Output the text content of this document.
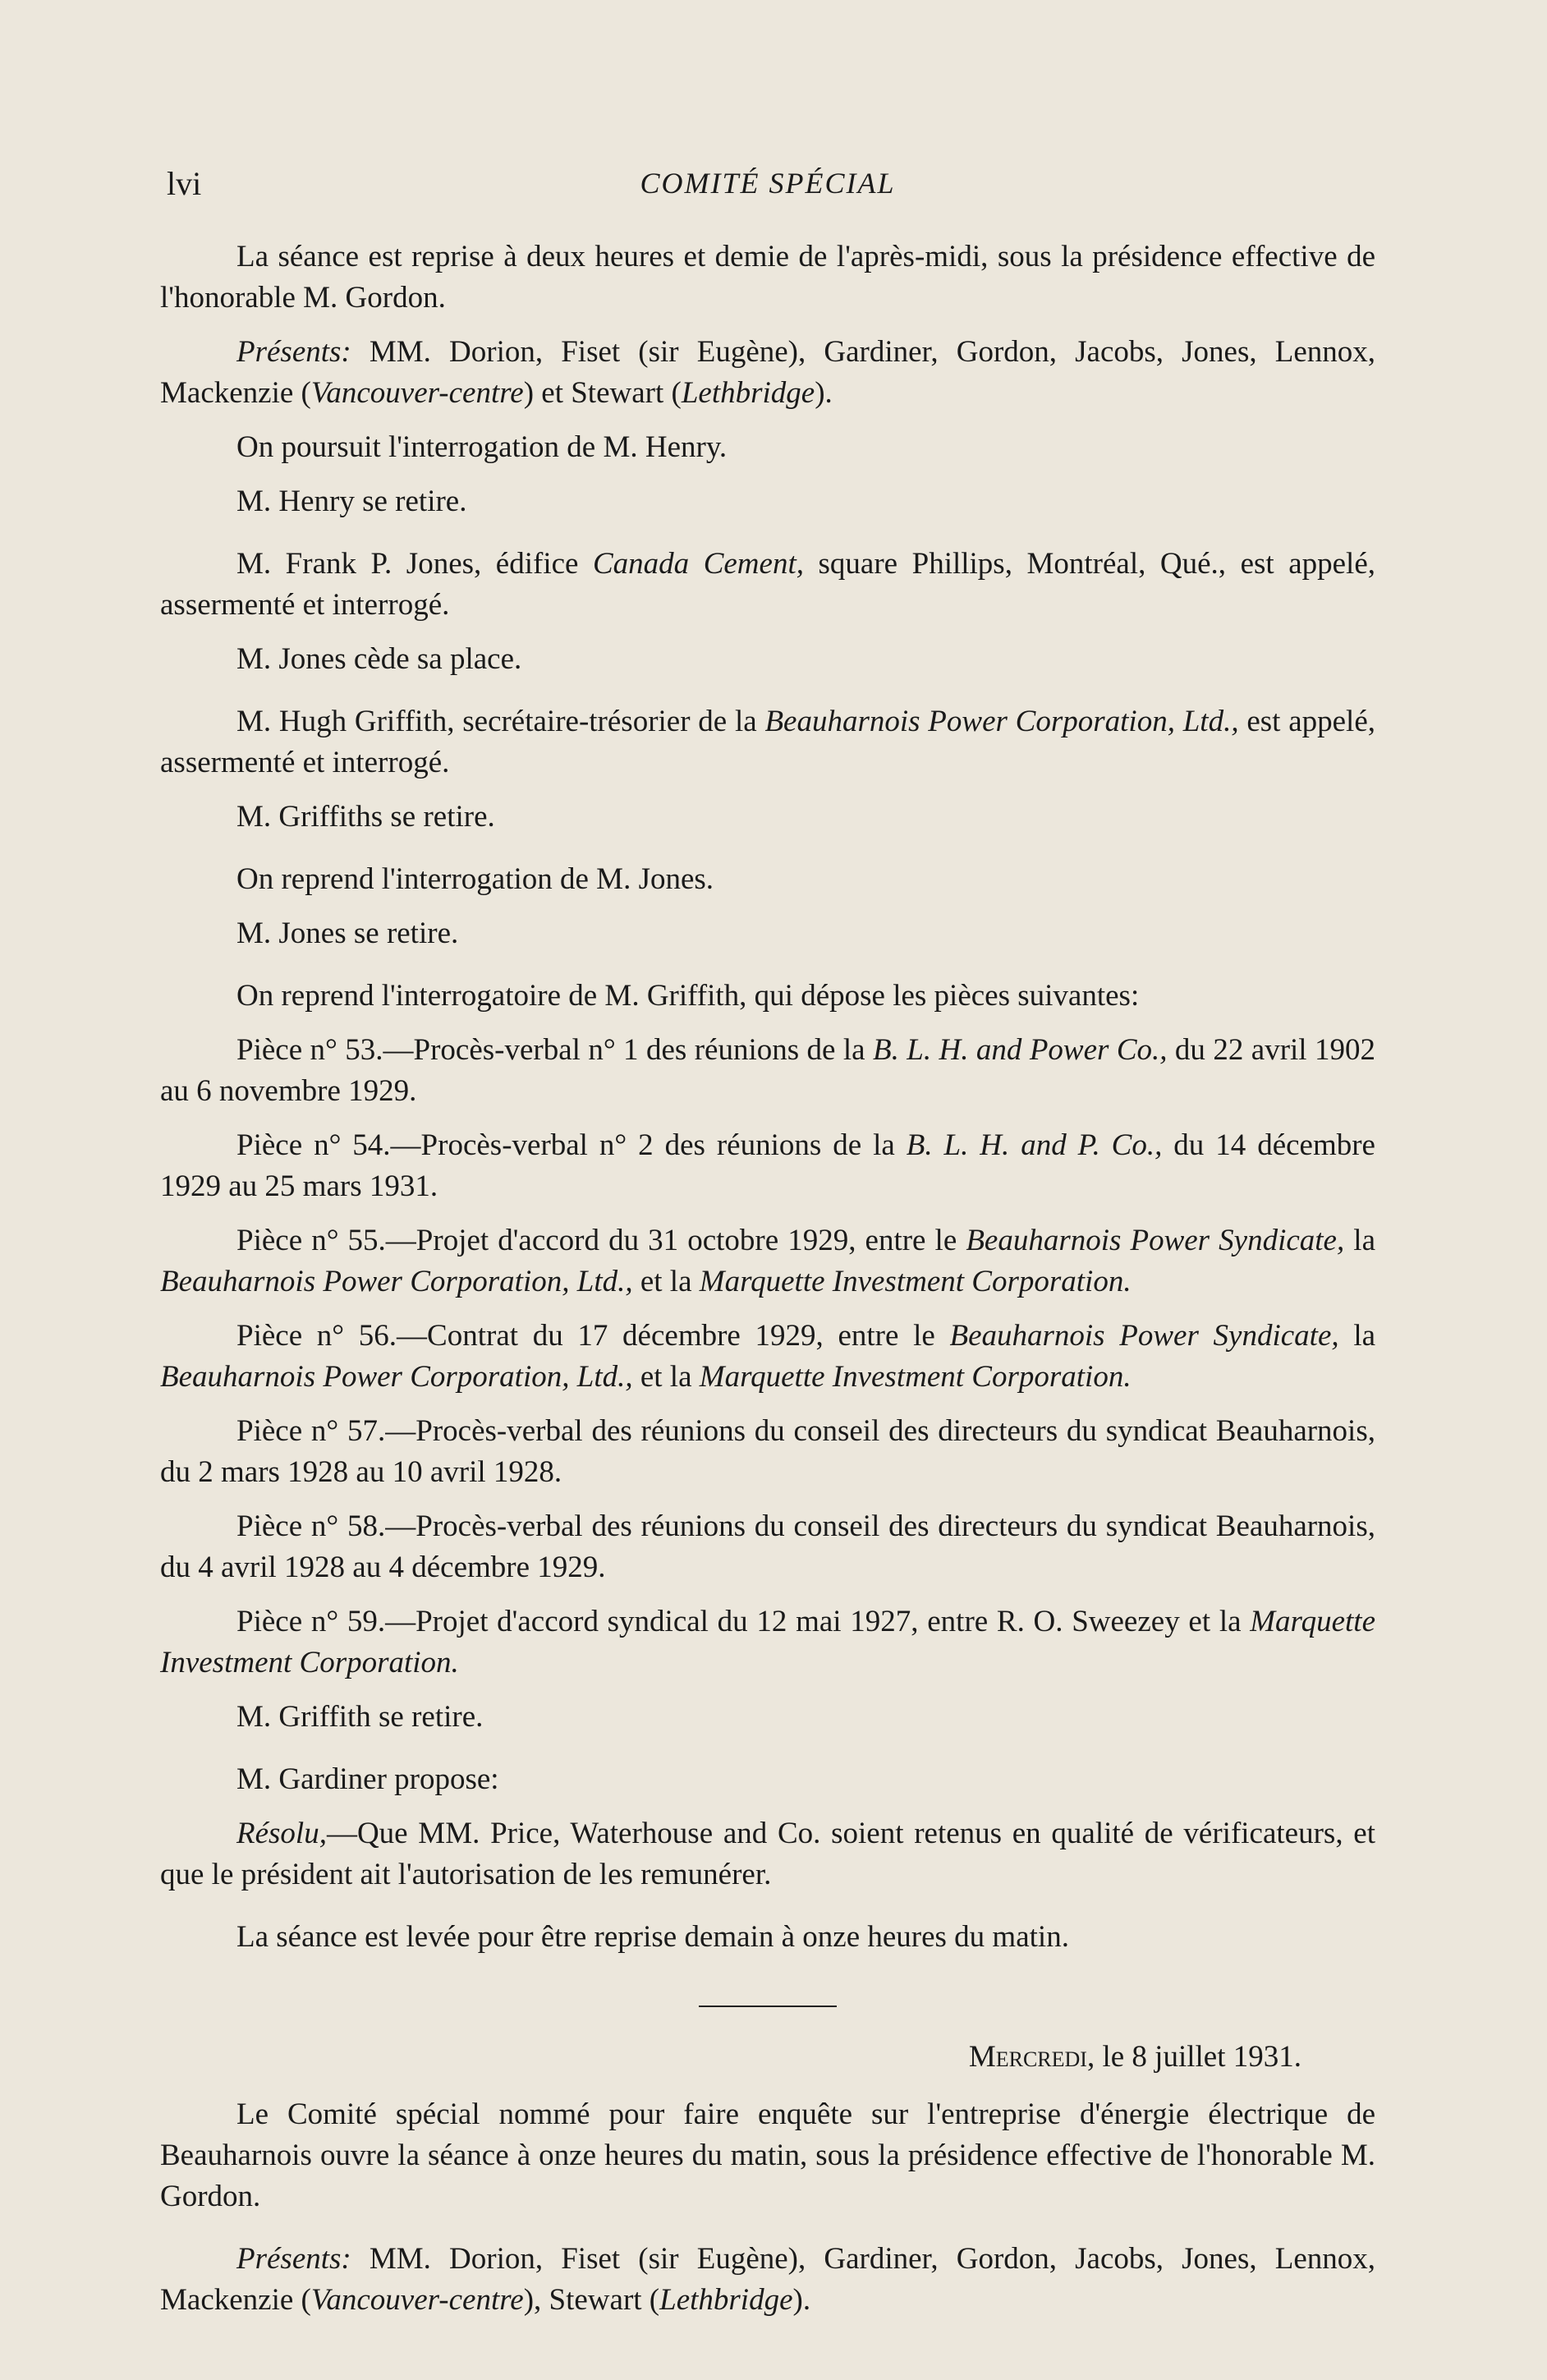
lvi	COMITÉ SPÉCIAL

La séance est reprise à deux heures et demie de l'après-midi, sous la présidence effective de l'honorable M. Gordon.

Présents: MM. Dorion, Fiset (sir Eugène), Gardiner, Gordon, Jacobs, Jones, Lennox, Mackenzie (Vancouver-centre) et Stewart (Lethbridge).

On poursuit l'interrogation de M. Henry.

M. Henry se retire.

M. Frank P. Jones, édifice Canada Cement, square Phillips, Montréal, Qué., est appelé, assermenté et interrogé.

M. Jones cède sa place.

M. Hugh Griffith, secrétaire-trésorier de la Beauharnois Power Corporation, Ltd., est appelé, assermenté et interrogé.

M. Griffiths se retire.

On reprend l'interrogation de M. Jones.

M. Jones se retire.

On reprend l'interrogatoire de M. Griffith, qui dépose les pièces suivantes:

Pièce n° 53.—Procès-verbal n° 1 des réunions de la B. L. H. and Power Co., du 22 avril 1902 au 6 novembre 1929.

Pièce n° 54.—Procès-verbal n° 2 des réunions de la B. L. H. and P. Co., du 14 décembre 1929 au 25 mars 1931.

Pièce n° 55.—Projet d'accord du 31 octobre 1929, entre le Beauharnois Power Syndicate, la Beauharnois Power Corporation, Ltd., et la Marquette Investment Corporation.

Pièce n° 56.—Contrat du 17 décembre 1929, entre le Beauharnois Power Syndicate, la Beauharnois Power Corporation, Ltd., et la Marquette Investment Corporation.

Pièce n° 57.—Procès-verbal des réunions du conseil des directeurs du syndicat Beauharnois, du 2 mars 1928 au 10 avril 1928.

Pièce n° 58.—Procès-verbal des réunions du conseil des directeurs du syndicat Beauharnois, du 4 avril 1928 au 4 décembre 1929.

Pièce n° 59.—Projet d'accord syndical du 12 mai 1927, entre R. O. Sweezey et la Marquette Investment Corporation.

M. Griffith se retire.

M. Gardiner propose:

Résolu,—Que MM. Price, Waterhouse and Co. soient retenus en qualité de vérificateurs, et que le président ait l'autorisation de les remunérer.

La séance est levée pour être reprise demain à onze heures du matin.

Mercredi, le 8 juillet 1931.

Le Comité spécial nommé pour faire enquête sur l'entreprise d'énergie électrique de Beauharnois ouvre la séance à onze heures du matin, sous la présidence effective de l'honorable M. Gordon.

Présents: MM. Dorion, Fiset (sir Eugène), Gardiner, Gordon, Jacobs, Jones, Lennox, Mackenzie (Vancouver-centre), Stewart (Lethbridge).
